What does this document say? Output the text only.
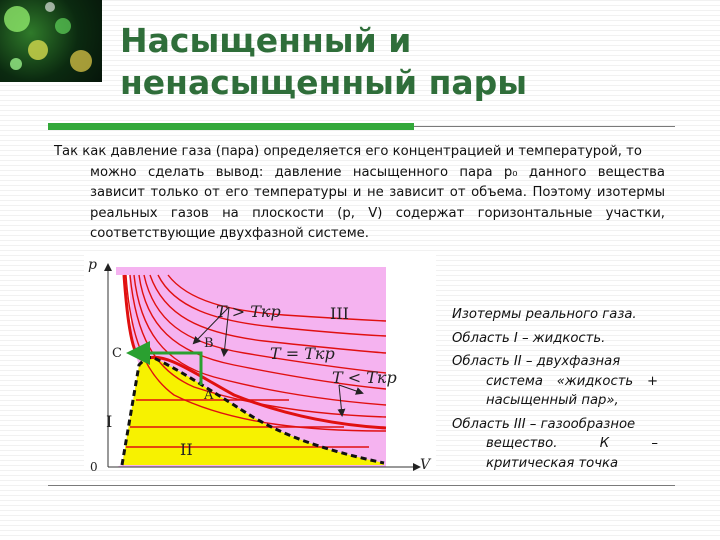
Насыщенный и
ненасыщенный пары
Так как давление газа (пара) определяется его концентрацией и температурой, то
можно сделать вывод: давление насыщенного пара p₀ данного вещества зависит только от его температуры и не зависит от объема. Поэтому изотермы реальных газов на плоскости (p, V) содержат горизонтальные участки, соответствующие двухфазной системе.
p
V
0
T > Tкр
T = Tкр
T < Tкр
C
B
A
I
II
III	Изотермы реального газа.

Область I – жидкость.

Область II – двухфазная
система «жидкость + насыщенный пар»,

Область III – газообразное
вещество. К – критическая точка
